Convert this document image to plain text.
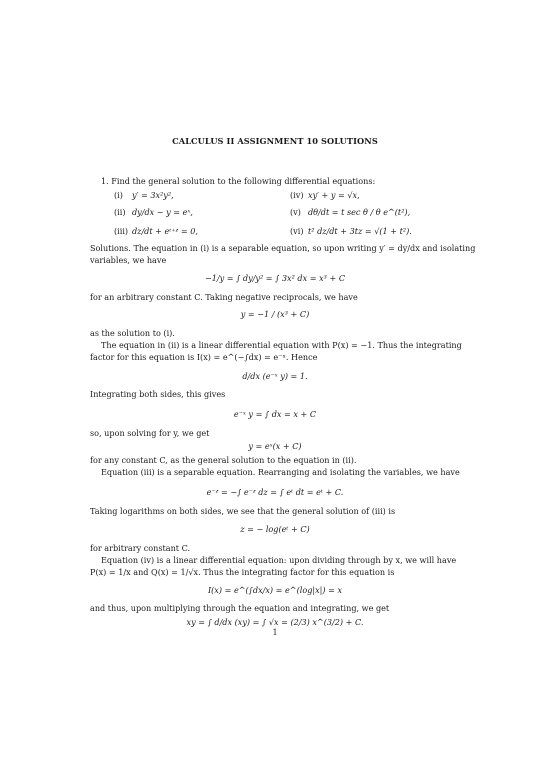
CALCULUS II ASSIGNMENT 10 SOLUTIONS
1. Find the general solution to the following differential equations:
(i) y′ = 3x²y²,
(ii) dy/dx − y = eˣ,
(iii) dz/dt + eᵗ⁺ᶻ = 0,
(iv) xy′ + y = √x,
(v) dθ/dt = t sec θ / θ e^(t²),
(vi) t² dz/dt + 3tz = √(1 + t²).
Solutions. The equation in (i) is a separable equation, so upon writing y′ = dy/dx and isolating
variables, we have
−1/y = ∫ dy/y² = ∫ 3x² dx = x³ + C
for an arbitrary constant C. Taking negative reciprocals, we have
y = −1 / (x³ + C)
as the solution to (i).
The equation in (ii) is a linear differential equation with P(x) = −1. Thus the integrating
factor for this equation is I(x) = e^(−∫dx) = e⁻ˣ. Hence
d/dx (e⁻ˣ y) = 1.
Integrating both sides, this gives
e⁻ˣ y = ∫ dx = x + C
so, upon solving for y, we get
y = eˣ(x + C)
for any constant C, as the general solution to the equation in (ii).
Equation (iii) is a separable equation. Rearranging and isolating the variables, we have
e⁻ᶻ = −∫ e⁻ᶻ dz = ∫ eᵗ dt = eᵗ + C.
Taking logarithms on both sides, we see that the general solution of (iii) is
z = − log(eᵗ + C)
for arbitrary constant C.
Equation (iv) is a linear differential equation: upon dividing through by x, we will have
P(x) = 1/x and Q(x) = 1/√x. Thus the integrating factor for this equation is
I(x) = e^(∫dx/x) = e^(log|x|) = x
and thus, upon multiplying through the equation and integrating, we get
xy = ∫ d/dx (xy) = ∫ √x = (2/3) x^(3/2) + C.
1
